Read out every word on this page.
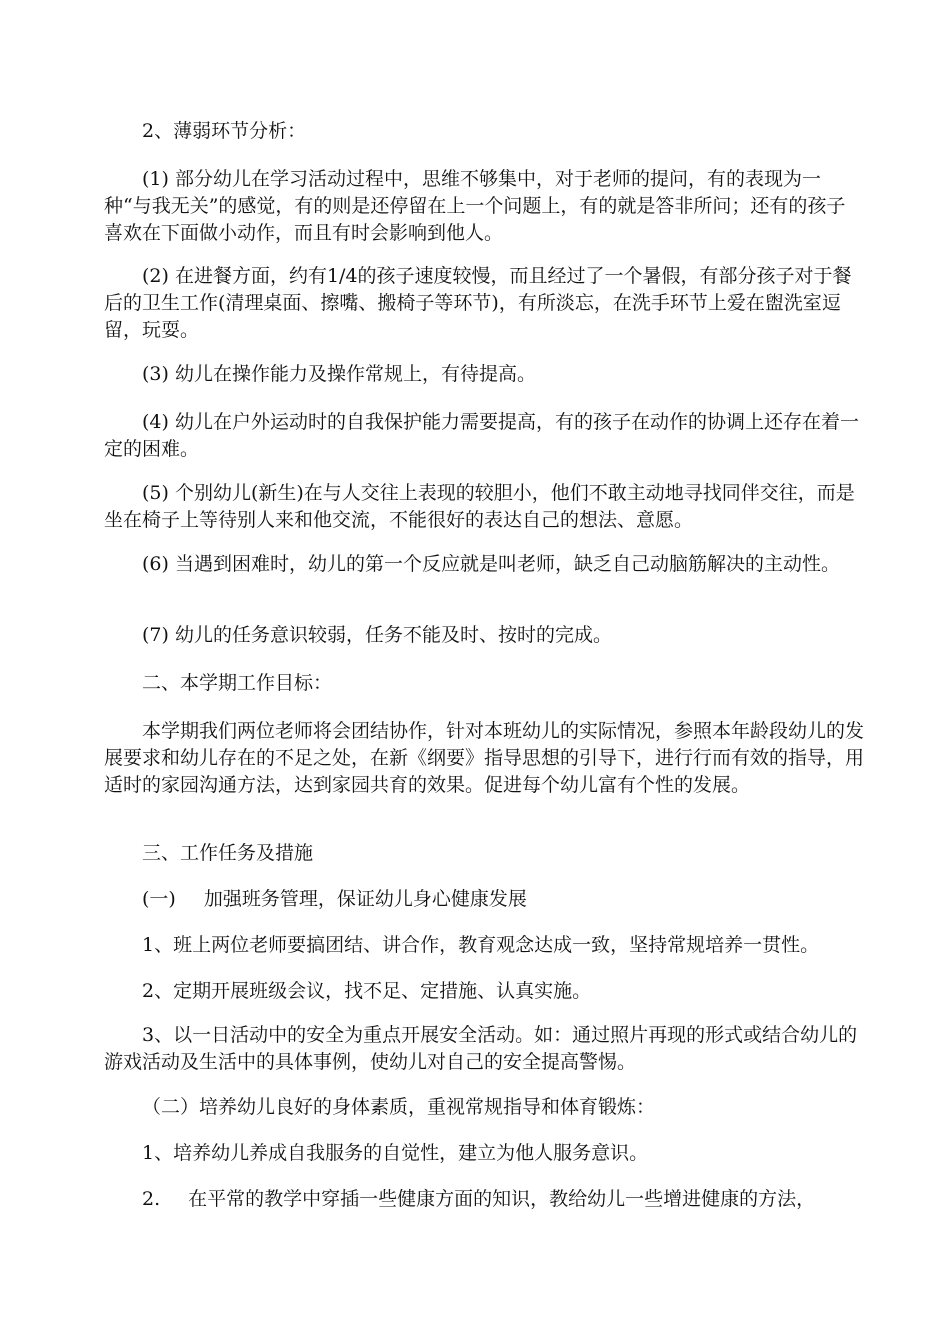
2、薄弱环节分析：

(1) 部分幼儿在学习活动过程中，思维不够集中，对于老师的提问，有的表现为一种“与我无关”的感觉，有的则是还停留在上一个问题上，有的就是答非所问；还有的孩子喜欢在下面做小动作，而且有时会影响到他人。

(2) 在进餐方面，约有1/4的孩子速度较慢，而且经过了一个暑假，有部分孩子对于餐后的卫生工作(清理桌面、擦嘴、搬椅子等环节)，有所淡忘，在洗手环节上爱在盥洗室逗留，玩耍。

(3) 幼儿在操作能力及操作常规上，有待提高。

(4) 幼儿在户外运动时的自我保护能力需要提高，有的孩子在动作的协调上还存在着一定的困难。

(5) 个别幼儿(新生)在与人交往上表现的较胆小，他们不敢主动地寻找同伴交往，而是坐在椅子上等待别人来和他交流，不能很好的表达自己的想法、意愿。

(6) 当遇到困难时，幼儿的第一个反应就是叫老师，缺乏自己动脑筋解决的主动性。

(7) 幼儿的任务意识较弱，任务不能及时、按时的完成。

二、本学期工作目标：

本学期我们两位老师将会团结协作，针对本班幼儿的实际情况，参照本年龄段幼儿的发展要求和幼儿存在的不足之处，在新《纲要》指导思想的引导下，进行行而有效的指导，用适时的家园沟通方法，达到家园共育的效果。促进每个幼儿富有个性的发展。

三、工作任务及措施

(一) 加强班务管理，保证幼儿身心健康发展

1、班上两位老师要搞团结、讲合作，教育观念达成一致，坚持常规培养一贯性。

2、定期开展班级会议，找不足、定措施、认真实施。

3、以一日活动中的安全为重点开展安全活动。如：通过照片再现的形式或结合幼儿的游戏活动及生活中的具体事例，使幼儿对自己的安全提高警惕。

（二）培养幼儿良好的身体素质，重视常规指导和体育锻炼：

1、培养幼儿养成自我服务的自觉性，建立为他人服务意识。

2. 在平常的教学中穿插一些健康方面的知识，教给幼儿一些增进健康的方法，
